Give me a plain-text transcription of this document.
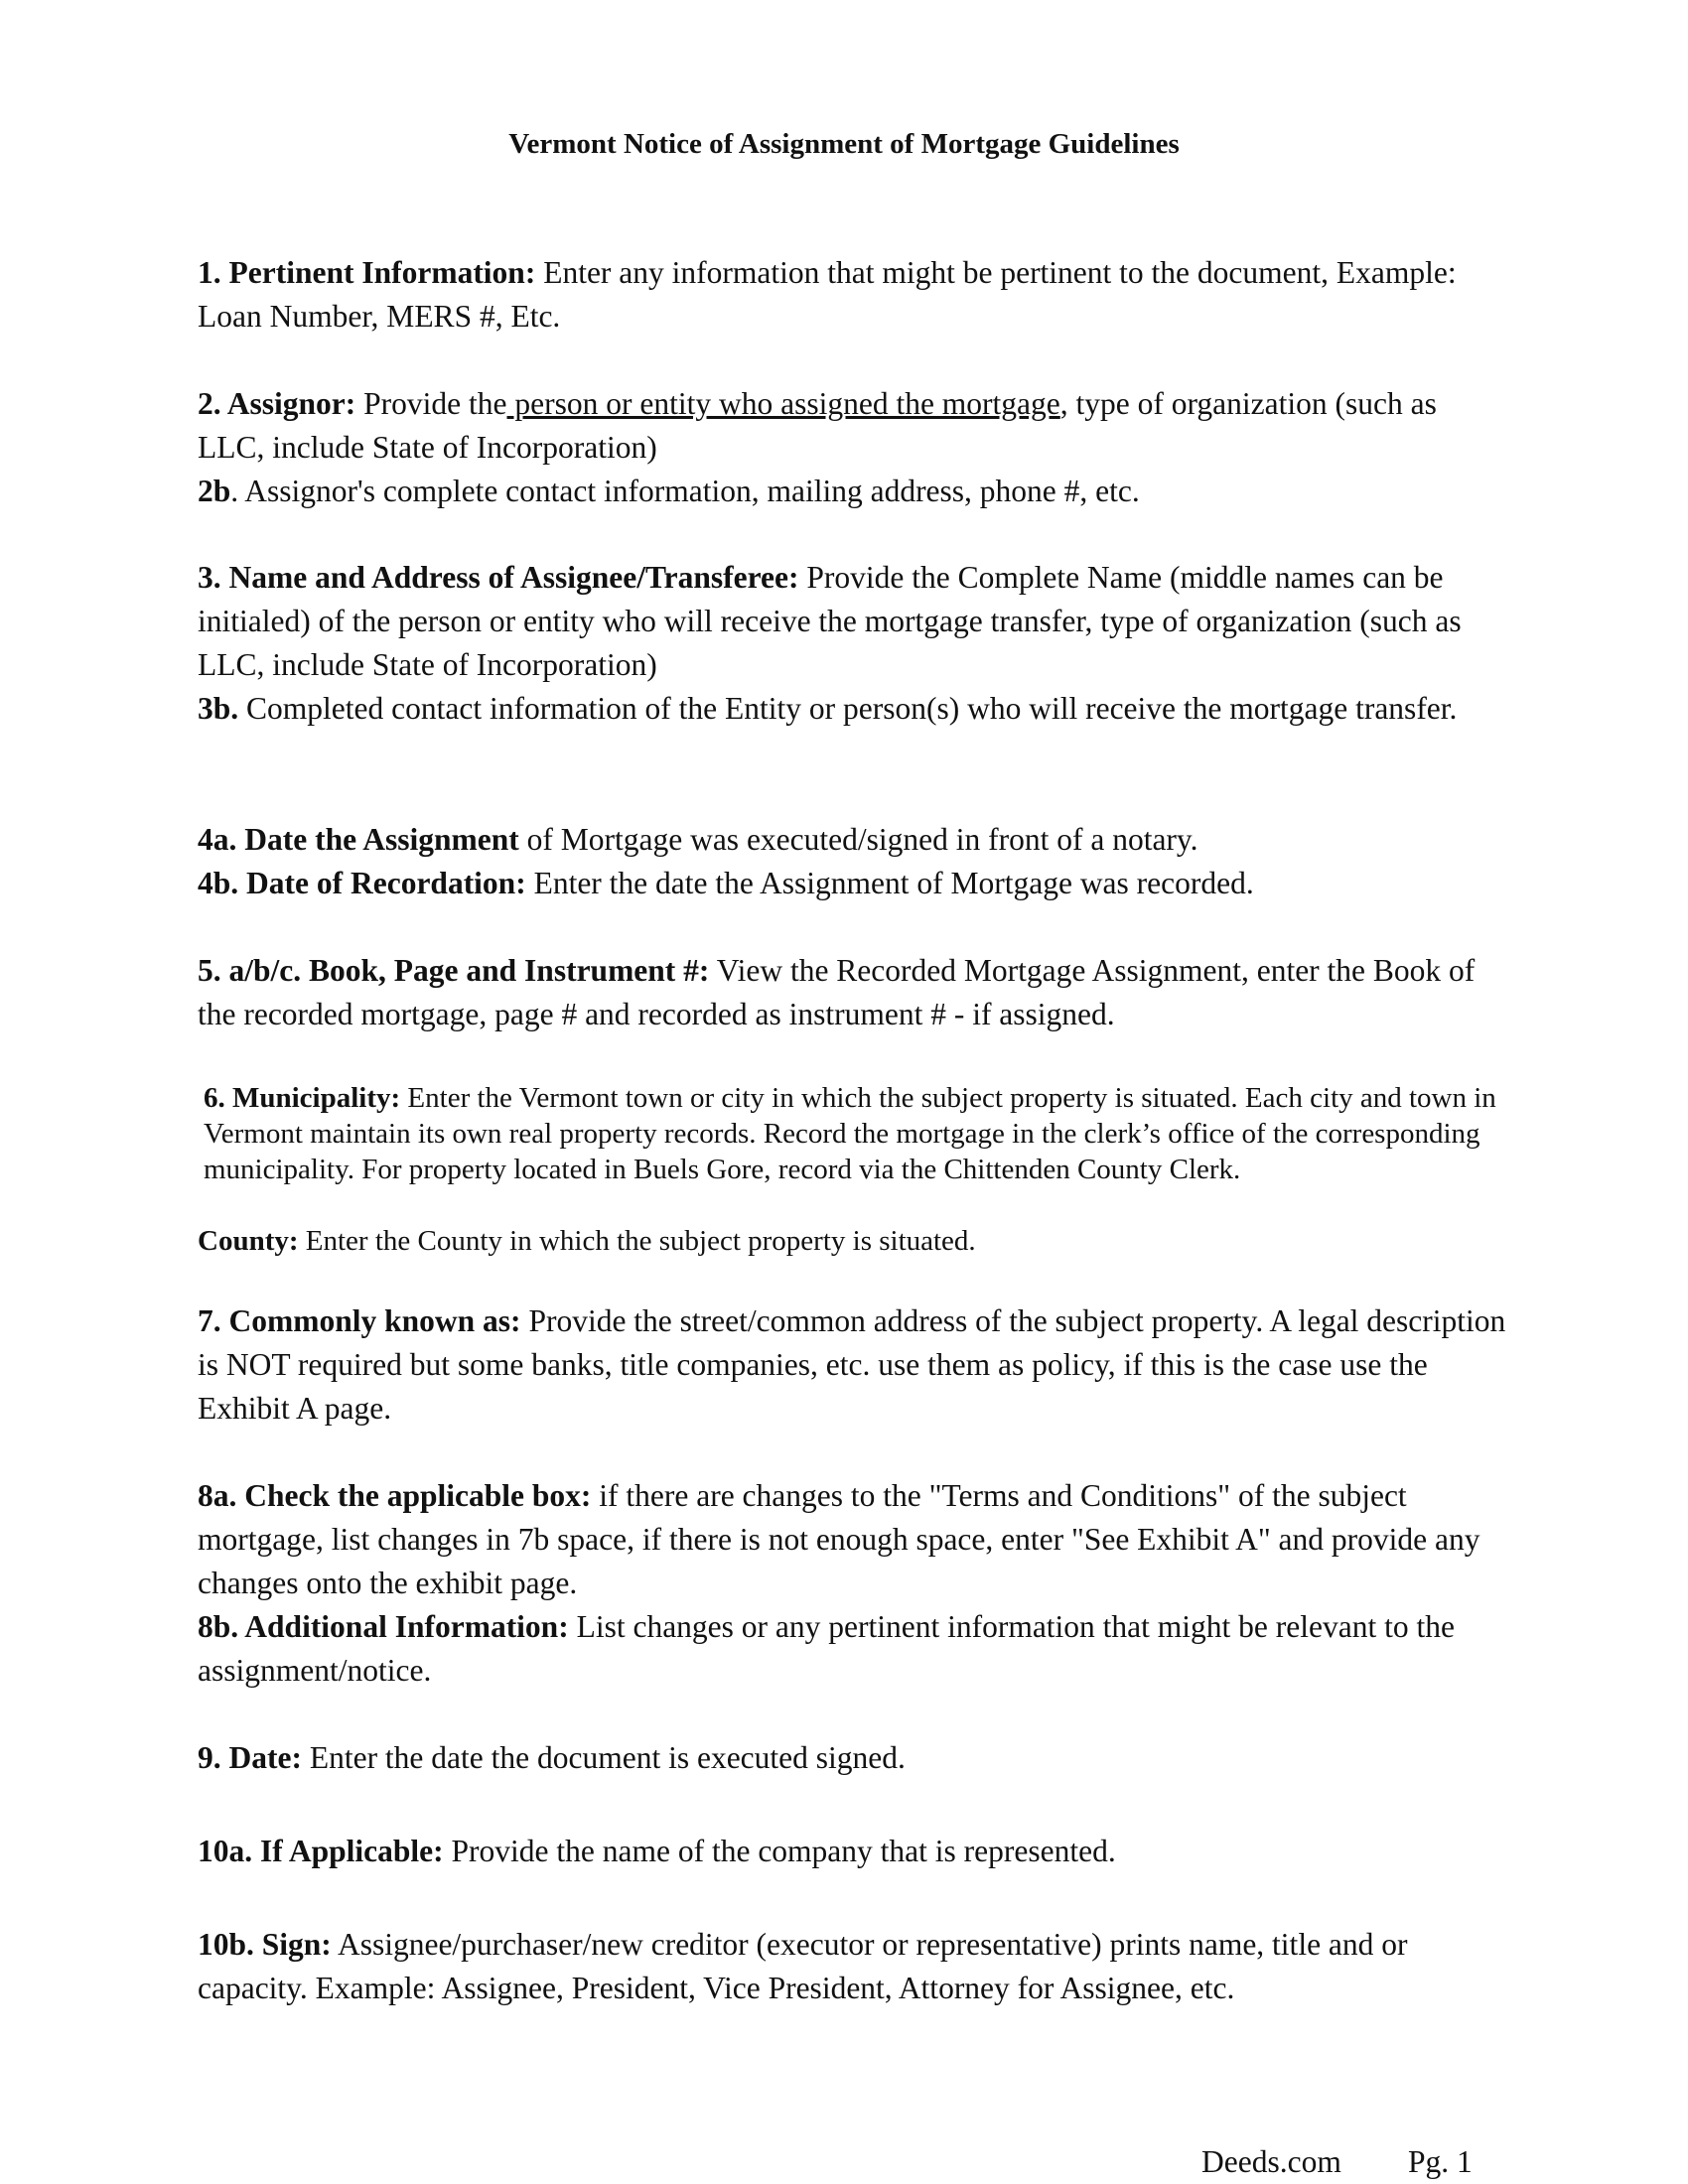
Vermont Notice of Assignment of Mortgage Guidelines
1. Pertinent Information: Enter any information that might be pertinent to the document, Example: Loan Number, MERS #, Etc.
2. Assignor: Provide the person or entity who assigned the mortgage, type of organization (such as LLC, include State of Incorporation)
2b. Assignor's complete contact information, mailing address, phone #, etc.
3. Name and Address of Assignee/Transferee: Provide the Complete Name (middle names can be initialed) of the person or entity who will receive the mortgage transfer, type of organization (such as LLC, include State of Incorporation)
3b. Completed contact information of the Entity or person(s) who will receive the mortgage transfer.
4a. Date the Assignment of Mortgage was executed/signed in front of a notary.
4b. Date of Recordation: Enter the date the Assignment of Mortgage was recorded.
5. a/b/c. Book, Page and Instrument #: View the Recorded Mortgage Assignment, enter the Book of the recorded mortgage, page # and recorded as instrument # - if assigned.
6. Municipality: Enter the Vermont town or city in which the subject property is situated. Each city and town in Vermont maintain its own real property records. Record the mortgage in the clerk’s office of the corresponding municipality. For property located in Buels Gore, record via the Chittenden County Clerk.
County: Enter the County in which the subject property is situated.
7. Commonly known as: Provide the street/common address of the subject property. A legal description is NOT required but some banks, title companies, etc. use them as policy, if this is the case use the Exhibit A page.
8a. Check the applicable box: if there are changes to the "Terms and Conditions" of the subject mortgage, list changes in 7b space, if there is not enough space, enter "See Exhibit A" and provide any changes onto the exhibit page.
8b. Additional Information: List changes or any pertinent information that might be relevant to the assignment/notice.
9. Date: Enter the date the document is executed signed.
10a. If Applicable: Provide the name of the company that is represented.
10b. Sign: Assignee/purchaser/new creditor (executor or representative) prints name, title and or capacity. Example: Assignee, President, Vice President, Attorney for Assignee, etc.
Deeds.com Pg. 1
